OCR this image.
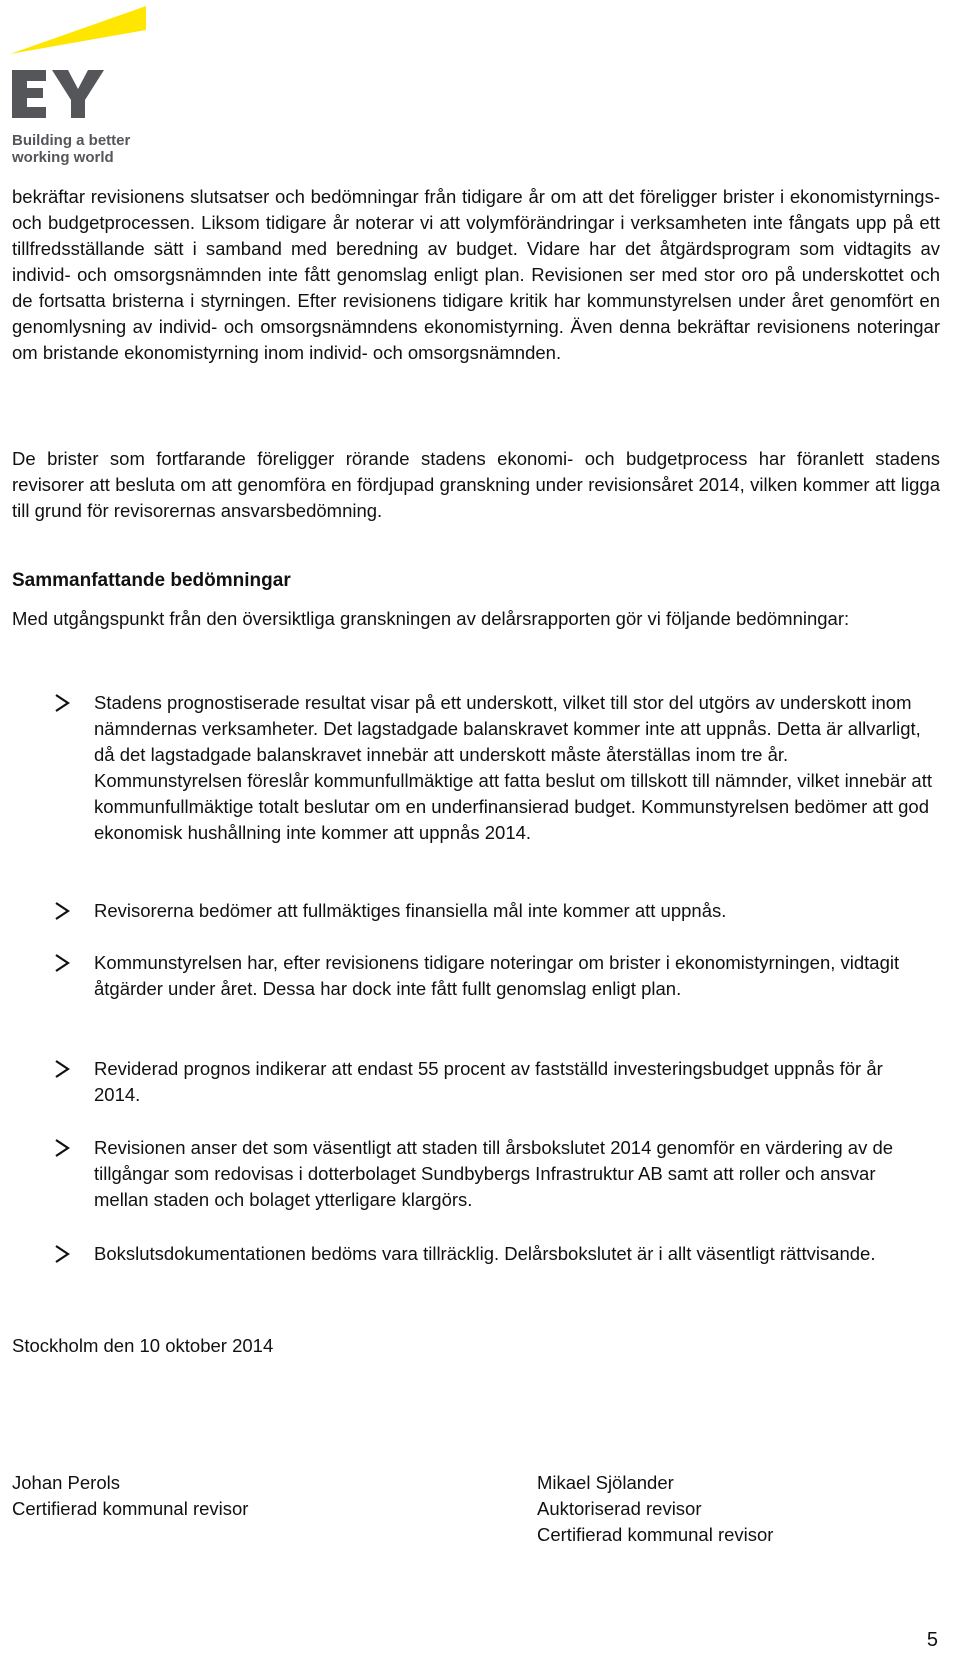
Building a better
working world

bekräftar revisionens slutsatser och bedömningar från tidigare år om att det föreligger brister i ekonomistyrnings- och budgetprocessen. Liksom tidigare år noterar vi att volymförändringar i verksamheten inte fångats upp på ett tillfredsställande sätt i samband med beredning av budget. Vidare har det åtgärdsprogram som vidtagits av individ- och omsorgsnämnden inte fått genomslag enligt plan. Revisionen ser med stor oro på underskottet och de fortsatta bristerna i styrningen. Efter revisionens tidigare kritik har kommunstyrelsen under året genomfört en genomlysning av individ- och omsorgsnämndens ekonomistyrning. Även denna bekräftar revisionens noteringar om bristande ekonomistyrning inom individ- och omsorgsnämnden.

De brister som fortfarande föreligger rörande stadens ekonomi- och budgetprocess har föranlett stadens revisorer att besluta om att genomföra en fördjupad granskning under revisionsåret 2014, vilken kommer att ligga till grund för revisorernas ansvarsbedömning.

Sammanfattande bedömningar

Med utgångspunkt från den översiktliga granskningen av delårsrapporten gör vi följande bedömningar:

Stadens prognostiserade resultat visar på ett underskott, vilket till stor del utgörs av underskott inom nämndernas verksamheter. Det lagstadgade balanskravet kommer inte att uppnås. Detta är allvarligt, då det lagstadgade balanskravet innebär att underskott måste återställas inom tre år. Kommunstyrelsen föreslår kommunfullmäktige att fatta beslut om tillskott till nämnder, vilket innebär att kommunfullmäktige totalt beslutar om en underfinansierad budget. Kommunstyrelsen bedömer att god ekonomisk hushållning inte kommer att uppnås 2014.
Revisorerna bedömer att fullmäktiges finansiella mål inte kommer att uppnås.
Kommunstyrelsen har, efter revisionens tidigare noteringar om brister i ekonomistyrningen, vidtagit åtgärder under året. Dessa har dock inte fått fullt genomslag enligt plan.
Reviderad prognos indikerar att endast 55 procent av fastställd investeringsbudget uppnås för år 2014.
Revisionen anser det som väsentligt att staden till årsbokslutet 2014 genomför en värdering av de tillgångar som redovisas i dotterbolaget Sundbybergs Infrastruktur AB samt att roller och ansvar mellan staden och bolaget ytterligare klargörs.
Bokslutsdokumentationen bedöms vara tillräcklig. Delårsbokslutet är i allt väsentligt rättvisande.

Stockholm den 10 oktober 2014

Johan Perols
Certifierad kommunal revisor
Mikael Sjölander
Auktoriserad revisor
Certifierad kommunal revisor
5
